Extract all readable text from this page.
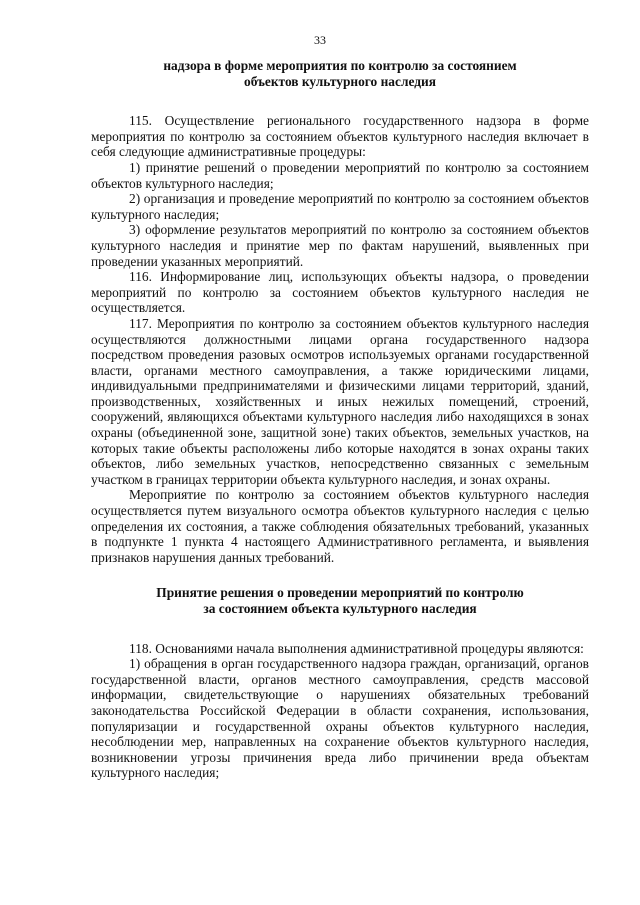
33
надзора в форме мероприятия по контролю за состоянием
объектов культурного наследия

115. Осуществление регионального государственного надзора в форме мероприятия по контролю за состоянием объектов культурного наследия включает в себя следующие административные процедуры:

1) принятие решений о проведении мероприятий по контролю за состоянием объектов культурного наследия;

2) организация и проведение мероприятий по контролю за состоянием объектов культурного наследия;

3) оформление результатов мероприятий по контролю за состоянием объектов культурного наследия и принятие мер по фактам нарушений, выявленных при проведении указанных мероприятий.

116. Информирование лиц, использующих объекты надзора, о проведении мероприятий по контролю за состоянием объектов культурного наследия не осуществляется.

117. Мероприятия по контролю за состоянием объектов культурного наследия осуществляются должностными лицами органа государственного надзора посредством проведения разовых осмотров используемых органами государственной власти, органами местного самоуправления, а также юридическими лицами, индивидуальными предпринимателями и физическими лицами территорий, зданий, производственных, хозяйственных и иных нежилых помещений, строений, сооружений, являющихся объектами культурного наследия либо находящихся в зонах охраны (объединенной зоне, защитной зоне) таких объектов, земельных участков, на которых такие объекты расположены либо которые находятся в зонах охраны таких объектов, либо земельных участков, непосредственно связанных с земельным участком в границах территории объекта культурного наследия, и зонах охраны.

Мероприятие по контролю за состоянием объектов культурного наследия осуществляется путем визуального осмотра объектов культурного наследия с целью определения их состояния, а также соблюдения обязательных требований, указанных в подпункте 1 пункта 4 настоящего Административного регламента, и выявления признаков нарушения данных требований.

Принятие решения о проведении мероприятий по контролю
за состоянием объекта культурного наследия

118. Основаниями начала выполнения административной процедуры являются:

1) обращения в орган государственного надзора граждан, организаций, органов государственной власти, органов местного самоуправления, средств массовой информации, свидетельствующие о нарушениях обязательных требований законодательства Российской Федерации в области сохранения, использования, популяризации и государственной охраны объектов культурного наследия, несоблюдении мер, направленных на сохранение объектов культурного наследия, возникновении угрозы причинения вреда либо причинении вреда объектам культурного наследия;
